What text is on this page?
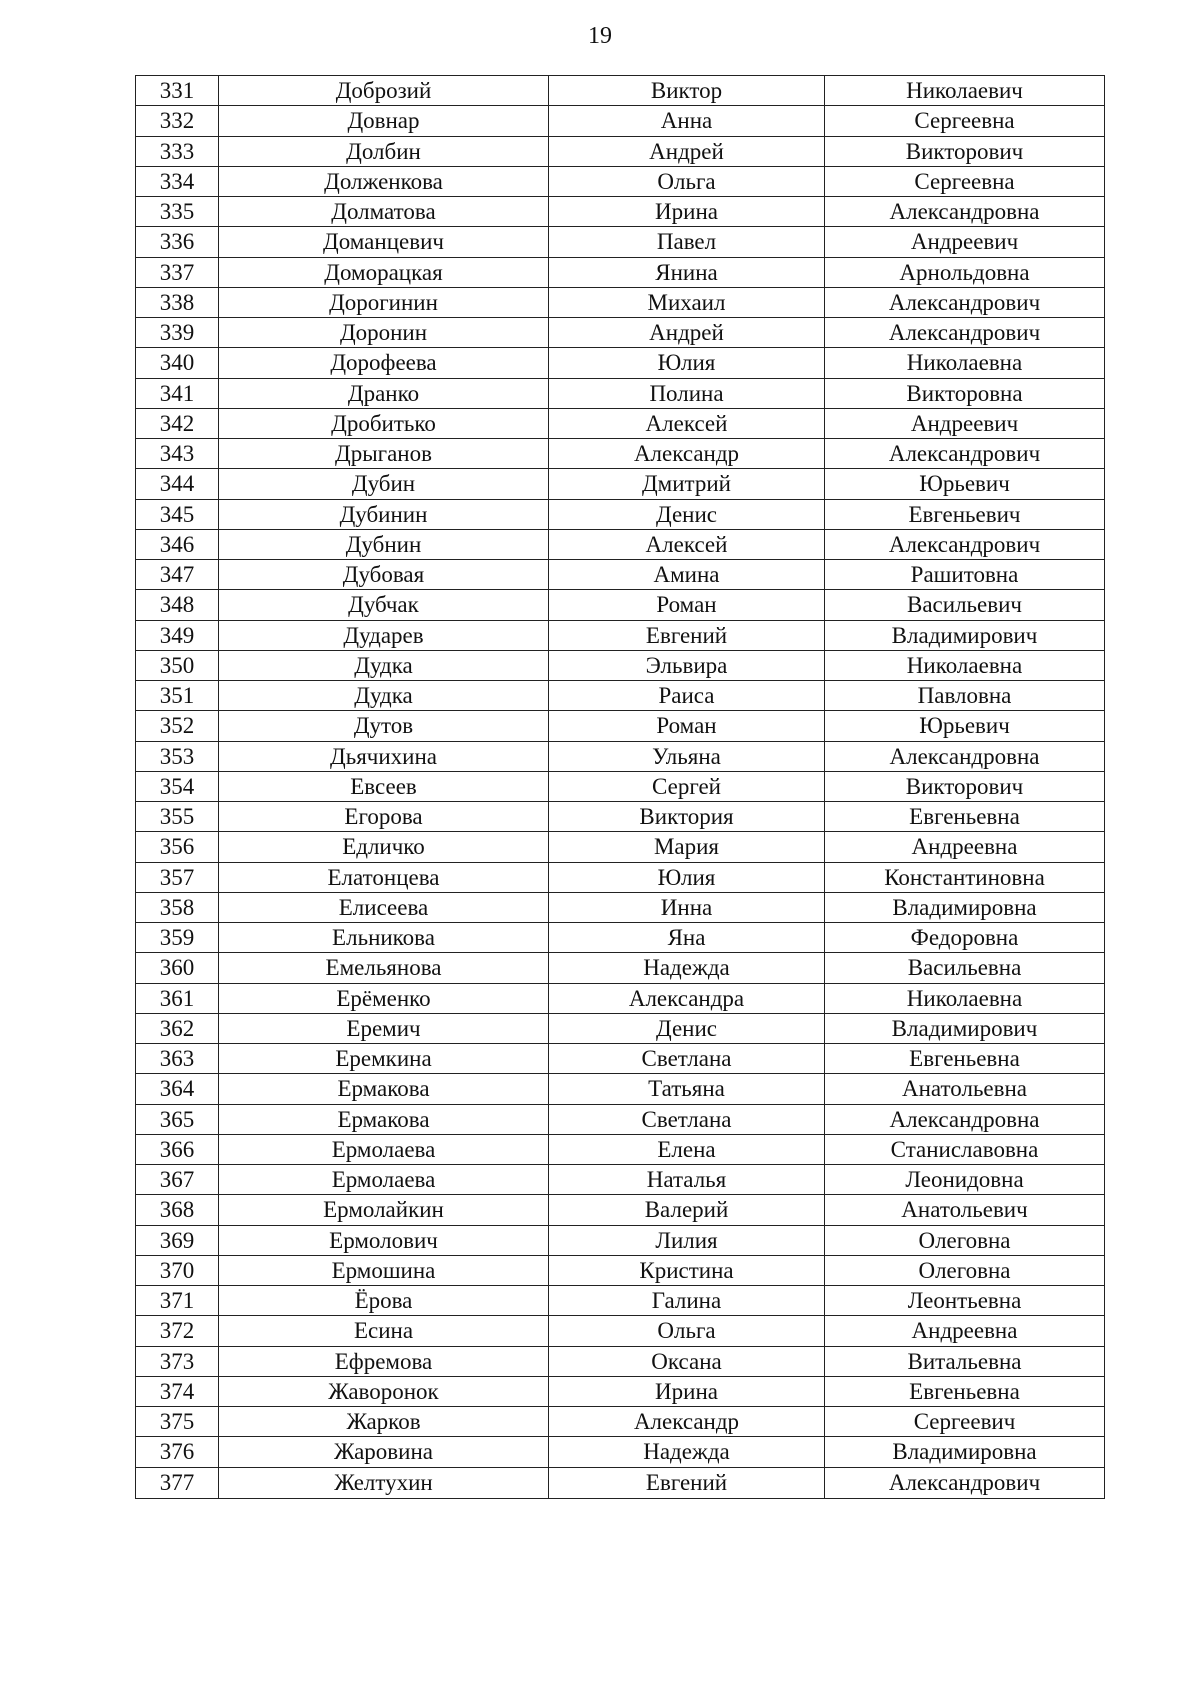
19
331	Доброзий	Виктор	Николаевич
332	Довнар	Анна	Сергеевна
333	Долбин	Андрей	Викторович
334	Долженкова	Ольга	Сергеевна
335	Долматова	Ирина	Александровна
336	Доманцевич	Павел	Андреевич
337	Доморацкая	Янина	Арнольдовна
338	Дорогинин	Михаил	Александрович
339	Доронин	Андрей	Александрович
340	Дорофеева	Юлия	Николаевна
341	Дранко	Полина	Викторовна
342	Дробитько	Алексей	Андреевич
343	Дрыганов	Александр	Александрович
344	Дубин	Дмитрий	Юрьевич
345	Дубинин	Денис	Евгеньевич
346	Дубнин	Алексей	Александрович
347	Дубовая	Амина	Рашитовна
348	Дубчак	Роман	Васильевич
349	Дударев	Евгений	Владимирович
350	Дудка	Эльвира	Николаевна
351	Дудка	Раиса	Павловна
352	Дутов	Роман	Юрьевич
353	Дьячихина	Ульяна	Александровна
354	Евсеев	Сергей	Викторович
355	Егорова	Виктория	Евгеньевна
356	Едличко	Мария	Андреевна
357	Елатонцева	Юлия	Константиновна
358	Елисеева	Инна	Владимировна
359	Ельникова	Яна	Федоровна
360	Емельянова	Надежда	Васильевна
361	Ерёменко	Александра	Николаевна
362	Еремич	Денис	Владимирович
363	Еремкина	Светлана	Евгеньевна
364	Ермакова	Татьяна	Анатольевна
365	Ермакова	Светлана	Александровна
366	Ермолаева	Елена	Станиславовна
367	Ермолаева	Наталья	Леонидовна
368	Ермолайкин	Валерий	Анатольевич
369	Ермолович	Лилия	Олеговна
370	Ермошина	Кристина	Олеговна
371	Ёрова	Галина	Леонтьевна
372	Есина	Ольга	Андреевна
373	Ефремова	Оксана	Витальевна
374	Жаворонок	Ирина	Евгеньевна
375	Жарков	Александр	Сергеевич
376	Жаровина	Надежда	Владимировна
377	Желтухин	Евгений	Александрович
